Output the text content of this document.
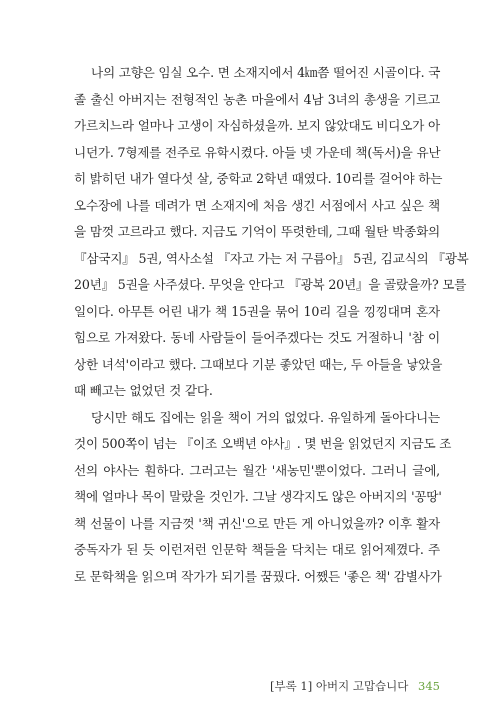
나의 고향은 임실 오수. 면 소재지에서 4㎞쯤 떨어진 시골이다. 국
졸 출신 아버지는 전형적인 농촌 마을에서 4남 3녀의 총생을 기르고
가르치느라 얼마나 고생이 자심하셨을까. 보지 않았대도 비디오가 아
니던가. 7형제를 전주로 유학시켰다. 아들 넷 가운데 책(독서)을 유난
히 밝히던 내가 열다섯 살, 중학교 2학년 때였다. 10리를 걸어야 하는
오수장에 나를 데려가 면 소재지에 처음 생긴 서점에서 사고 싶은 책
을 맘껏 고르라고 했다. 지금도 기억이 뚜렷한데, 그때 월탄 박종화의
『삼국지』 5권, 역사소설 『자고 가는 저 구름아』 5권, 김교식의 『광복
20년』 5권을 사주셨다. 무엇을 안다고 『광복 20년』을 골랐을까? 모를
일이다. 아무튼 어린 내가 책 15권을 묶어 10리 길을 낑낑대며 혼자
힘으로 가져왔다. 동네 사람들이 들어주겠다는 것도 거절하니 '참 이
상한 녀석'이라고 했다. 그때보다 기분 좋았던 때는, 두 아들을 낳았을
때 빼고는 없었던 것 같다.
당시만 해도 집에는 읽을 책이 거의 없었다. 유일하게 돌아다니는
것이 500쪽이 넘는 『이조 오백년 야사』. 몇 번을 읽었던지 지금도 조
선의 야사는 훤하다. 그러고는 월간 '새농민'뿐이었다. 그러니 글에,
책에 얼마나 목이 말랐을 것인가. 그날 생각지도 않은 아버지의 '꽁땅'
책 선물이 나를 지금껏 '책 귀신'으로 만든 게 아니었을까? 이후 활자
중독자가 된 듯 이런저런 인문학 책들을 닥치는 대로 읽어제꼈다. 주
로 문학책을 읽으며 작가가 되기를 꿈꿨다. 어쨌든 '좋은 책' 감별사가
[부록 1] 아버지 고맙습니다 345
